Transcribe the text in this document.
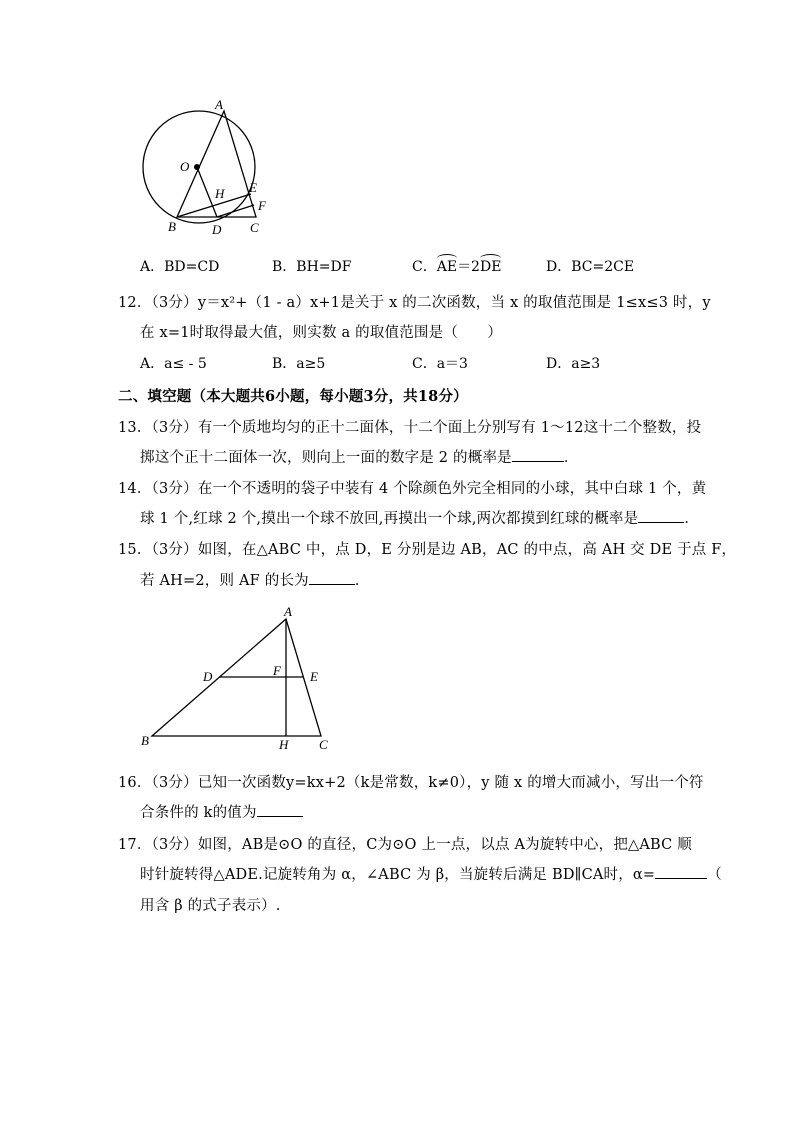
A
O
H E
F
B	D C
A．BD=CD	B．BH=DF	C．AE＝2DE	D．BC=2CE
12．（3分）y＝x²+（1 - a）x+1是关于 x 的二次函数，当 x 的取值范围是 1≤x≤3 时，y
在 x=1时取得最大值，则实数 a 的取值范围是（　　）
A．a≤ - 5	B．a≥5	C．a＝3	D．a≥3
二、填空题（本大题共6小题，每小题3分，共18分）
13．（3分）有一个质地均匀的正十二面体，十二个面上分别写有 1～12这十二个整数，投
掷这个正十二面体一次，则向上一面的数字是 2 的概率是	．
14．（3分）在一个不透明的袋子中装有 4 个除颜色外完全相同的小球，其中白球 1 个，黄
球 1 个,红球 2 个,摸出一个球不放回,再摸出一个球,两次都摸到红球的概率是	．
15．（3分）如图，在△ABC 中，点 D，E 分别是边 AB，AC 的中点，高 AH 交 DE 于点 F，
若 AH=2，则 AF 的长为	．
A
D	F E
B	H C
16．（3分）已知一次函数y=kx+2（k是常数，k≠0），y 随 x 的增大而减小，写出一个符
合条件的 k的值为
17．（3分）如图，AB是⊙O 的直径，C为⊙O 上一点，以点 A为旋转中心，把△ABC 顺
时针旋转得△ADE.记旋转角为 α，∠ABC 为 β，当旋转后满足 BD∥CA时，α=	（
用含 β 的式子表示）.
